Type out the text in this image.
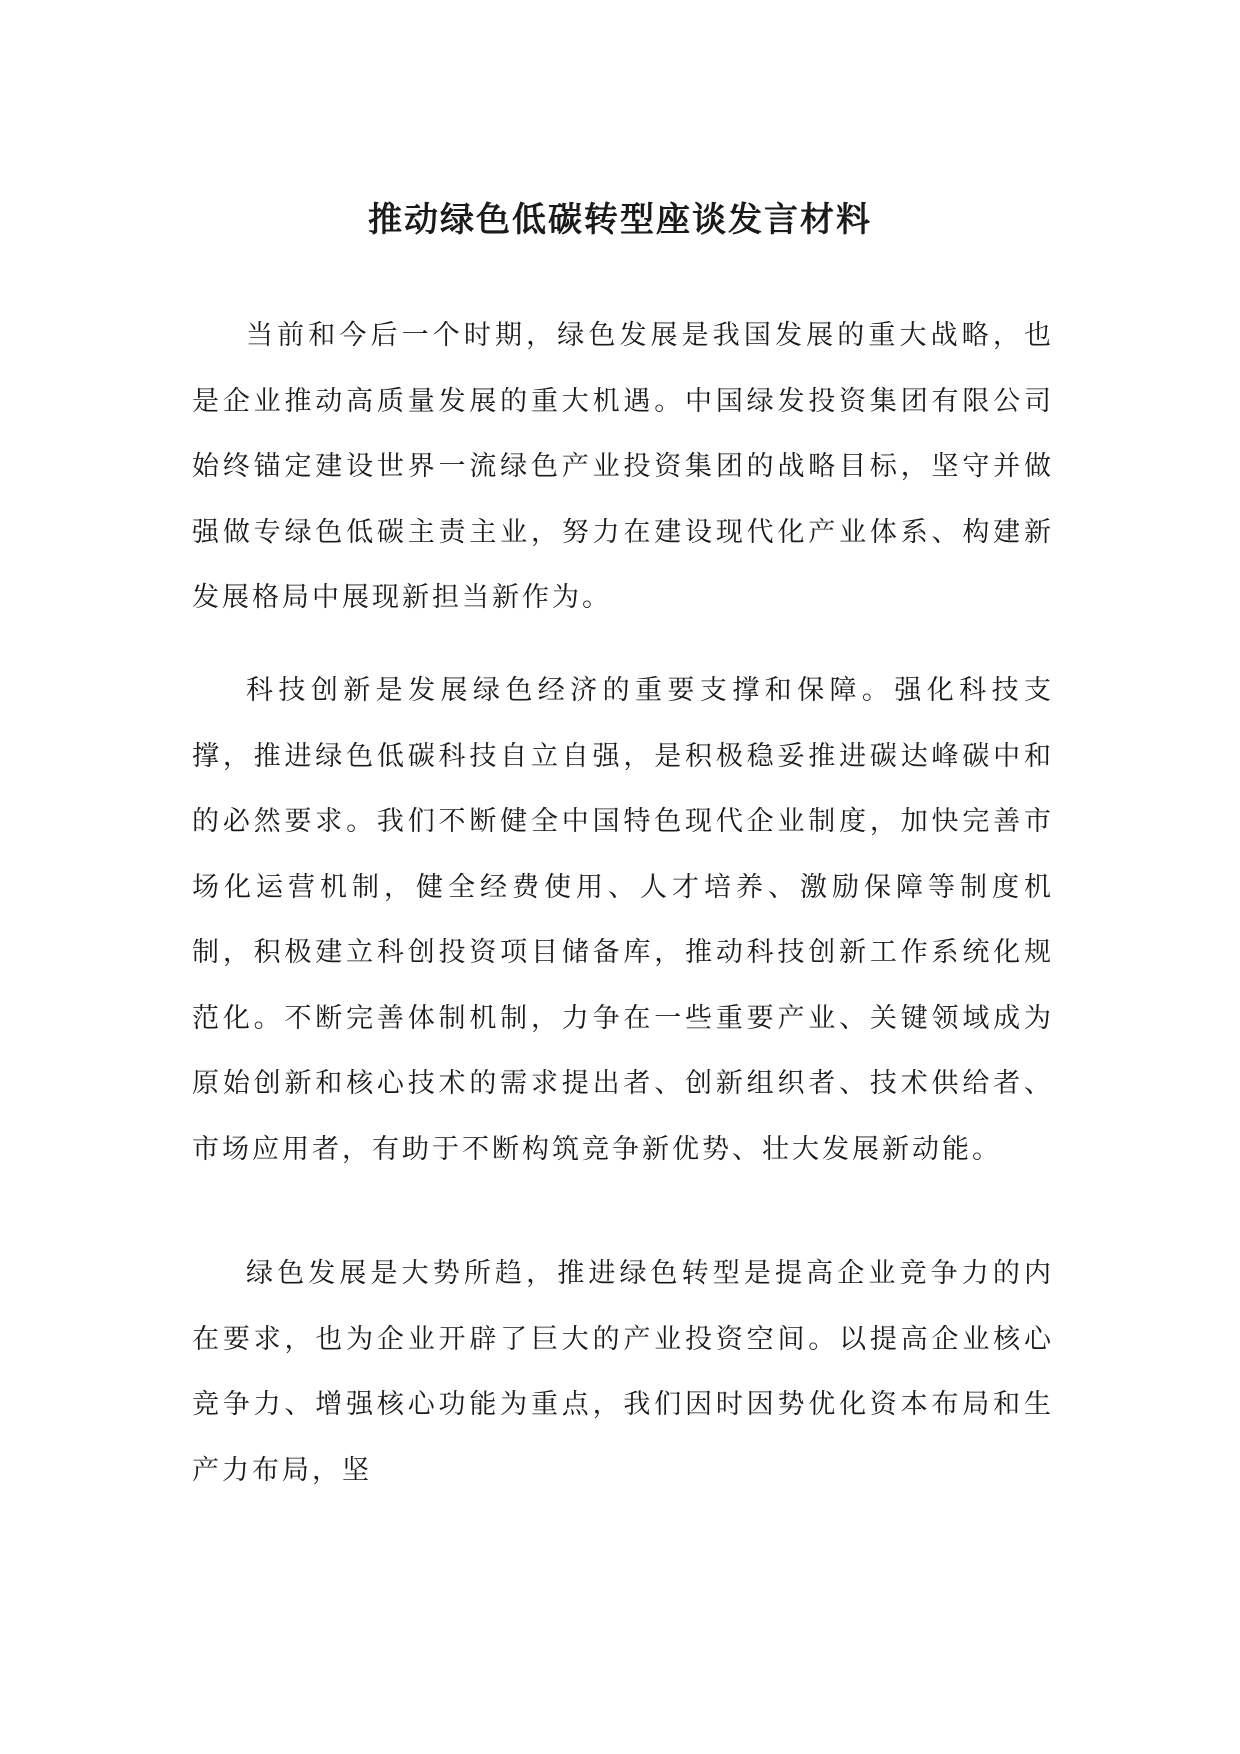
推动绿色低碳转型座谈发言材料

当前和今后一个时期，绿色发展是我国发展的重大战略，也是企业推动高质量发展的重大机遇。中国绿发投资集团有限公司始终锚定建设世界一流绿色产业投资集团的战略目标，坚守并做强做专绿色低碳主责主业，努力在建设现代化产业体系、构建新发展格局中展现新担当新作为。

科技创新是发展绿色经济的重要支撑和保障。强化科技支撑，推进绿色低碳科技自立自强，是积极稳妥推进碳达峰碳中和的必然要求。我们不断健全中国特色现代企业制度，加快完善市场化运营机制，健全经费使用、人才培养、激励保障等制度机制，积极建立科创投资项目储备库，推动科技创新工作系统化规范化。不断完善体制机制，力争在一些重要产业、关键领域成为原始创新和核心技术的需求提出者、创新组织者、技术供给者、市场应用者，有助于不断构筑竞争新优势、壮大发展新动能。

绿色发展是大势所趋，推进绿色转型是提高企业竞争力的内在要求，也为企业开辟了巨大的产业投资空间。以提高企业核心竞争力、增强核心功能为重点，我们因时因势优化资本布局和生产力布局，坚
